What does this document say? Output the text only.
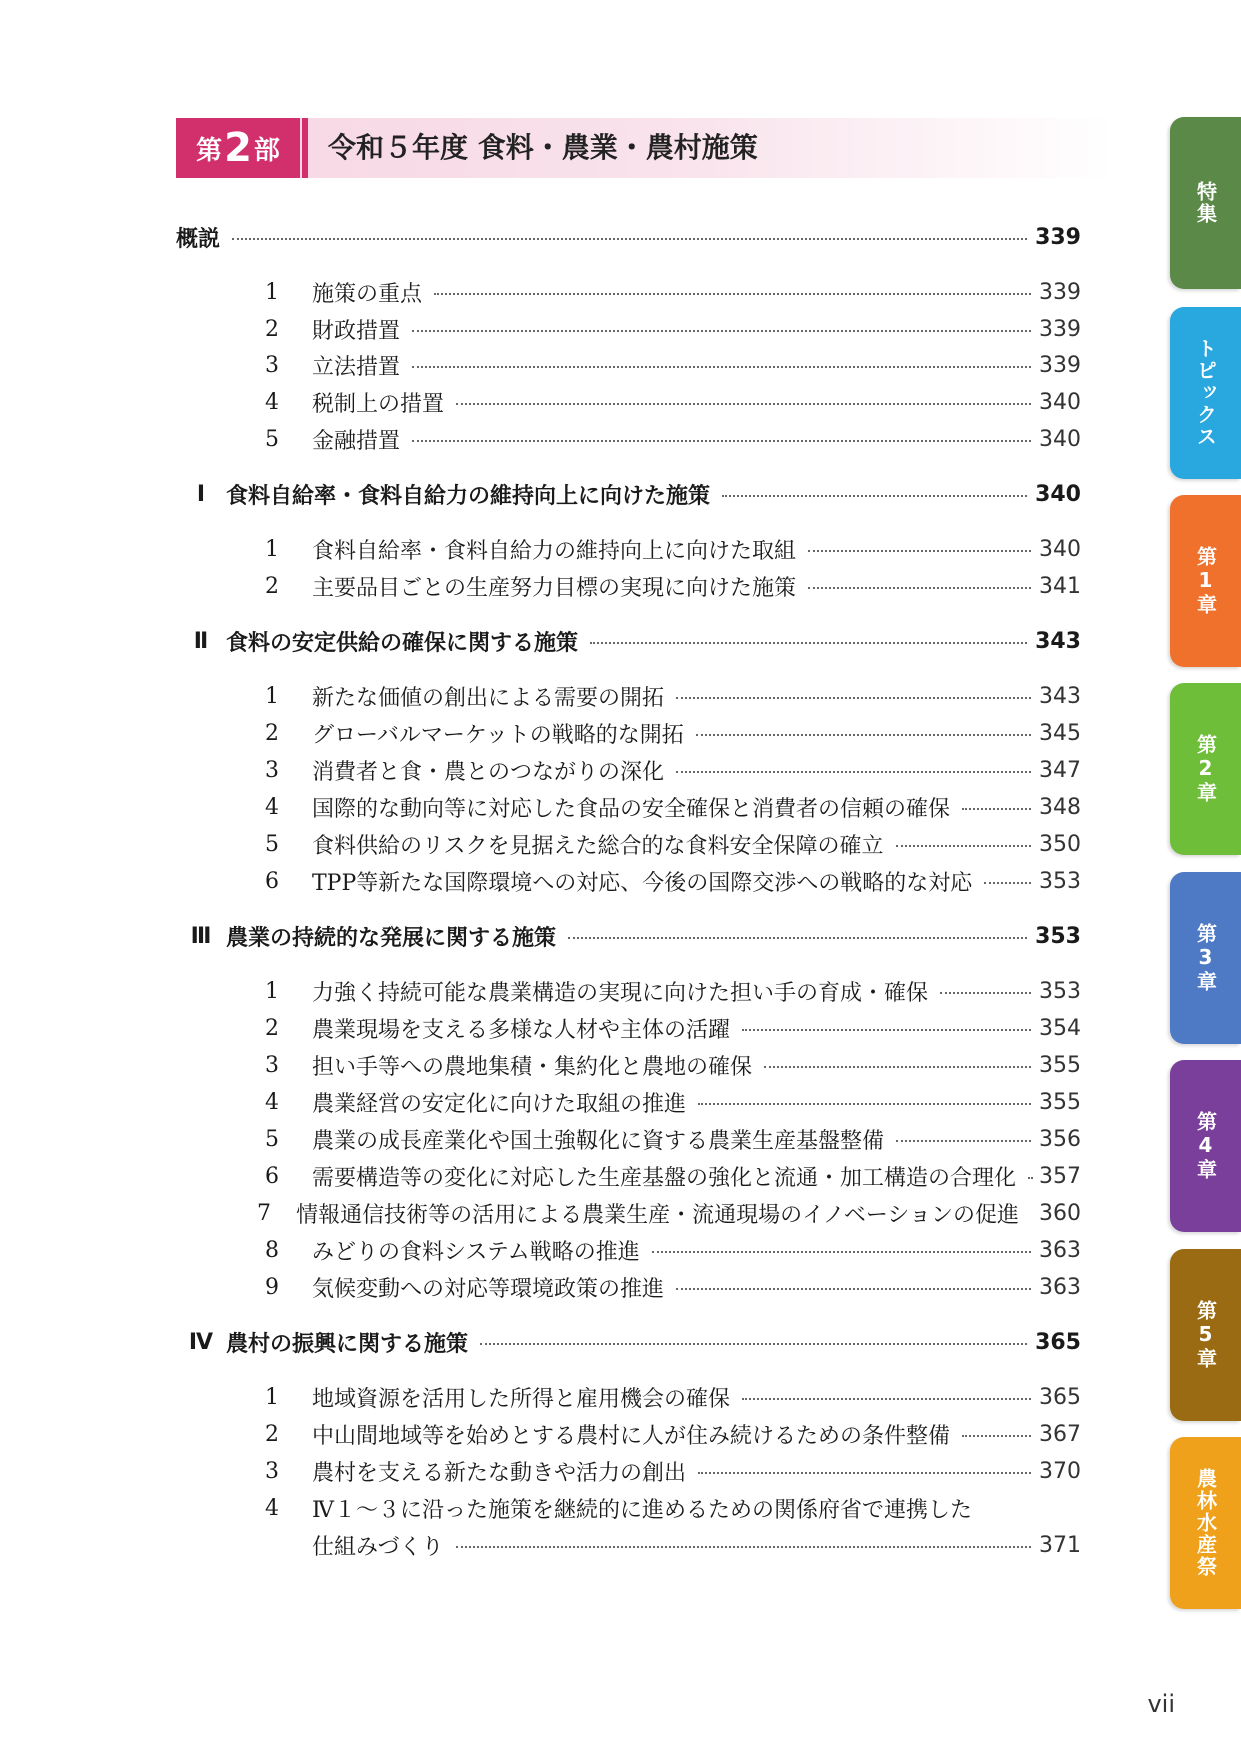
第 2 部 令和５年度 食料・農業・農村施策
概説	339
1	施策の重点	339
2	財政措置	339
3	立法措置	339
4	税制上の措置	340
5	金融措置	340
Ⅰ 食料自給率・食料自給力の維持向上に向けた施策	340
1	食料自給率・食料自給力の維持向上に向けた取組	340
2	主要品目ごとの生産努力目標の実現に向けた施策	341
Ⅱ 食料の安定供給の確保に関する施策	343
1	新たな価値の創出による需要の開拓	343
2	グローバルマーケットの戦略的な開拓	345
3	消費者と食・農とのつながりの深化	347
4	国際的な動向等に対応した食品の安全確保と消費者の信頼の確保	348
5	食料供給のリスクを見据えた総合的な食料安全保障の確立	350
6	TPP等新たな国際環境への対応、今後の国際交渉への戦略的な対応	353
Ⅲ 農業の持続的な発展に関する施策	353
1	力強く持続可能な農業構造の実現に向けた担い手の育成・確保	353
2	農業現場を支える多様な人材や主体の活躍	354
3	担い手等への農地集積・集約化と農地の確保	355
4	農業経営の安定化に向けた取組の推進	355
5	農業の成長産業化や国土強靱化に資する農業生産基盤整備	356
6	需要構造等の変化に対応した生産基盤の強化と流通・加工構造の合理化 357
7 情報通信技術等の活用による農業生産・流通現場のイノベーションの促進 360
8	みどりの食料システム戦略の推進	363
9	気候変動への対応等環境政策の推進	363
Ⅳ 農村の振興に関する施策	365
1	地域資源を活用した所得と雇用機会の確保	365
2	中山間地域等を始めとする農村に人が住み続けるための条件整備	367
3	農村を支える新たな動きや活力の創出	370
4	Ⅳ１～３に沿った施策を継続的に進めるための関係府省で連携した
仕組みづくり	371
特集
トピックス
第1章
第2章
第3章
第4章
第5章
農林水産祭
vii
